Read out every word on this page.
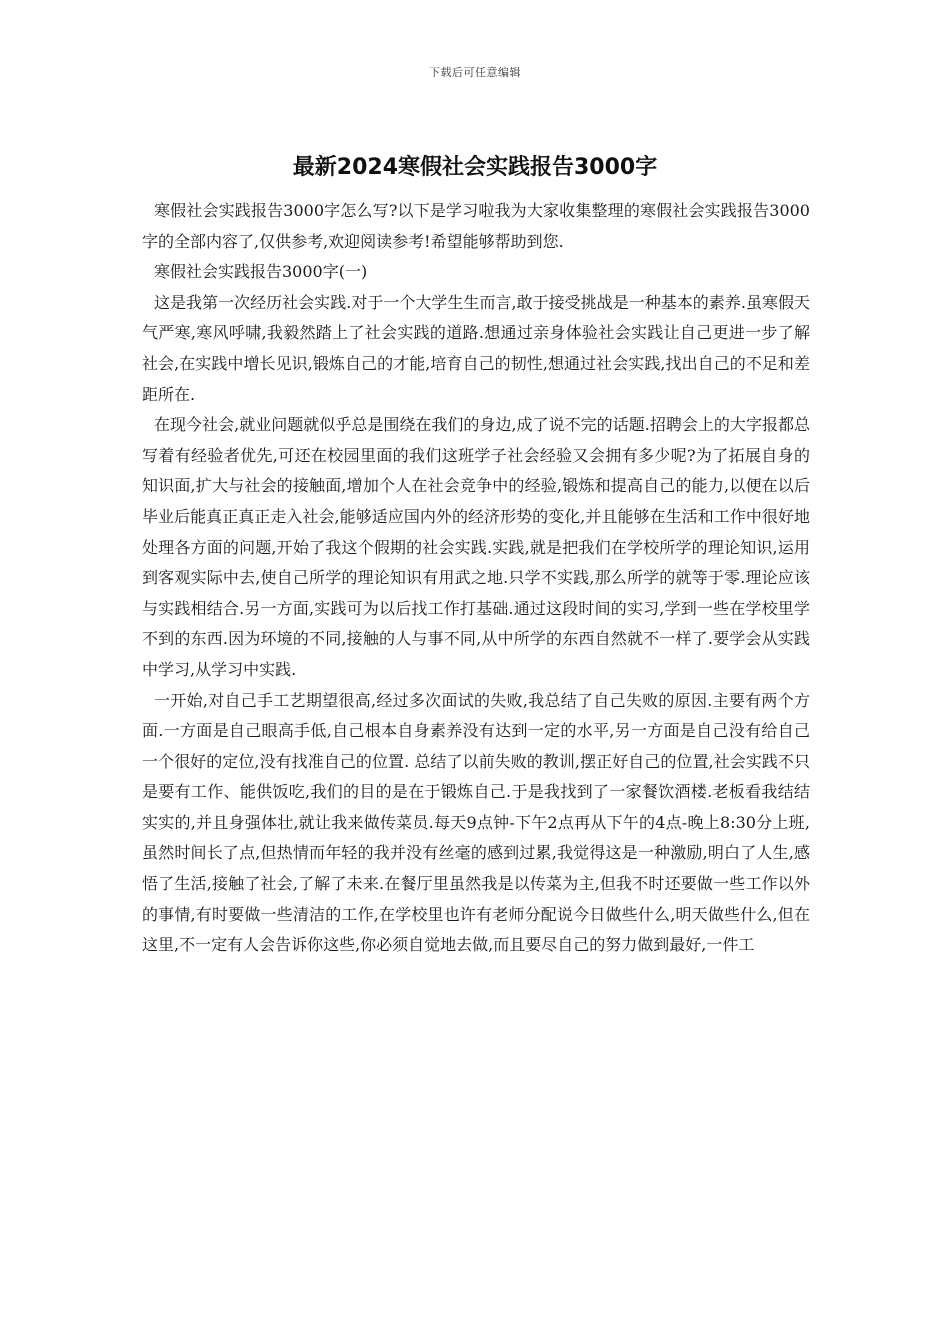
下载后可任意编辑
最新2024寒假社会实践报告3000字

寒假社会实践报告3000字怎么写?以下是学习啦我为大家收集整理的寒假社会实践报告3000字的全部内容了,仅供参考,欢迎阅读参考!希望能够帮助到您.

寒假社会实践报告3000字(一)

这是我第一次经历社会实践.对于一个大学生生而言,敢于接受挑战是一种基本的素养.虽寒假天气严寒,寒风呼啸,我毅然踏上了社会实践的道路.想通过亲身体验社会实践让自己更进一步了解社会,在实践中增长见识,锻炼自己的才能,培育自己的韧性,想通过社会实践,找出自己的不足和差距所在.

在现今社会,就业问题就似乎总是围绕在我们的身边,成了说不完的话题.招聘会上的大字报都总写着有经验者优先,可还在校园里面的我们这班学子社会经验又会拥有多少呢?为了拓展自身的知识面,扩大与社会的接触面,增加个人在社会竞争中的经验,锻炼和提高自己的能力,以便在以后毕业后能真正真正走入社会,能够适应国内外的经济形势的变化,并且能够在生活和工作中很好地处理各方面的问题,开始了我这个假期的社会实践.实践,就是把我们在学校所学的理论知识,运用到客观实际中去,使自己所学的理论知识有用武之地.只学不实践,那么所学的就等于零.理论应该与实践相结合.另一方面,实践可为以后找工作打基础.通过这段时间的实习,学到一些在学校里学不到的东西.因为环境的不同,接触的人与事不同,从中所学的东西自然就不一样了.要学会从实践中学习,从学习中实践.

一开始,对自己手工艺期望很高,经过多次面试的失败,我总结了自己失败的原因.主要有两个方面.一方面是自己眼高手低,自己根本自身素养没有达到一定的水平,另一方面是自己没有给自己一个很好的定位,没有找准自己的位置. 总结了以前失败的教训,摆正好自己的位置,社会实践不只是要有工作、能供饭吃,我们的目的是在于锻炼自己.于是我找到了一家餐饮酒楼.老板看我结结实实的,并且身强体壮,就让我来做传菜员.每天9点钟-下午2点再从下午的4点-晚上8:30分上班,虽然时间长了点,但热情而年轻的我并没有丝毫的感到过累,我觉得这是一种激励,明白了人生,感悟了生活,接触了社会,了解了未来.在餐厅里虽然我是以传菜为主,但我不时还要做一些工作以外的事情,有时要做一些清洁的工作,在学校里也许有老师分配说今日做些什么,明天做些什么,但在这里,不一定有人会告诉你这些,你必须自觉地去做,而且要尽自己的努力做到最好,一件工
